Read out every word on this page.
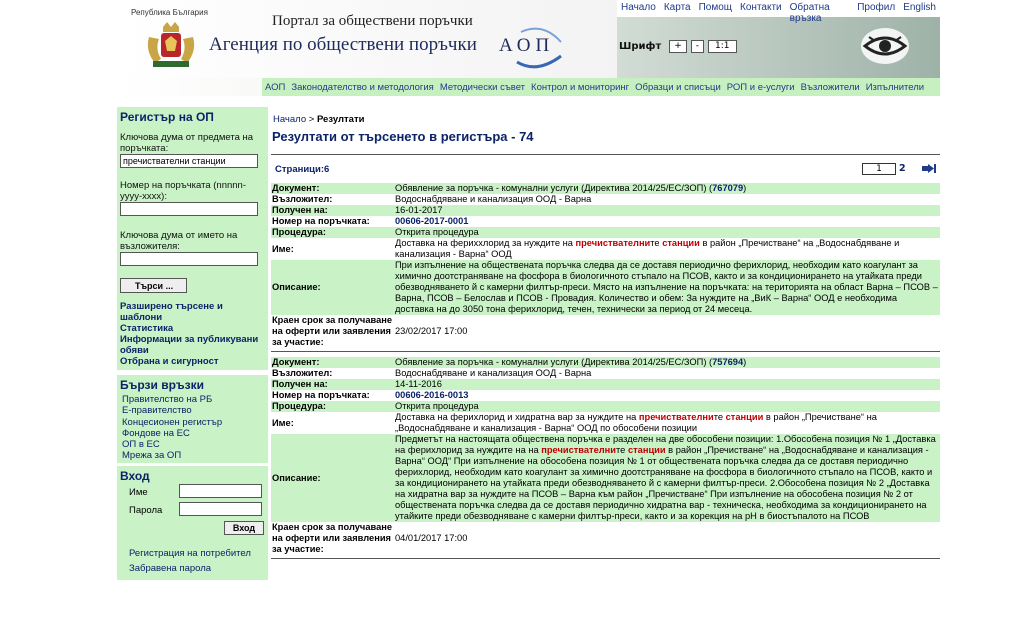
Република България
Портал за обществени поръчки
Агенция по обществени поръчки АОП
Начало Карта Помощ Контакти Обратна връзка
Профил English
Шрифт	+	-	1:1
АОП Законодателство и методология Методически съвет Контрол и мониторинг Образци и списъци РОП и е-услуги Възложители Изпълнители
Регистър на ОП
Ключова дума от предмета на поръчката:
пречиствателни станции
Номер на поръчката (nnnnn-yyyy-xxxx):
Ключова дума от името на възложителя:
Търси ...
Разширено търсене и шаблони
Статистика
Информации за публикувани обяви
Отбрана и сигурност
Бързи връзки
Правителство на РБ
Е-правителство
Концесионен регистър
Фондове на ЕС
ОП в ЕС
Мрежа за ОП
Вход
Име
Парола
Вход
Регистрация на потребител
Забравена парола
Начало > Резултати
Резултати от търсенето в регистъра - 74
Страници:6	1	2
Документ:	Обявление за поръчка - комунални услуги (Директива 2014/25/ЕС/ЗОП) (767079)
Възложител:	Водоснабдяване и канализация ООД - Варна
Получен на:	16-01-2017
Номер на поръчката:	00606-2017-0001
Процедура:	Открита процедура
Име:
Доставка на фериххлорид за нуждите на пречиствателните станции в район „Пречистване“ на „Водоснабдяване и канализация - Варна“ ООД
Описание:
При изпълнение на обществената поръчка следва да се доставя периодично ферихлорид, необходим като коагулант за химично доотстраняване на фосфора в биологичното стъпало на ПСОВ, както и за кондиционирането на утайката преди обезводняването й с камерни филтър-преси. Място на изпълнение на поръчката: на територията на област Варна – ПСОВ – Варна, ПСОВ – Белослав и ПСОВ - Провадия. Количество и обем: За нуждите на „ВиК – Варна“ ООД е необходима доставка на до 3050 тона ферихлорид, течен, технически за период от 24 месеца.
Краен срок за получаване на оферти или заявления за участие:
23/02/2017 17:00
Документ:	Обявление за поръчка - комунални услуги (Директива 2014/25/ЕС/ЗОП) (757694)
Възложител:	Водоснабдяване и канализация ООД - Варна
Получен на:	14-11-2016
Номер на поръчката:	00606-2016-0013
Процедура:	Открита процедура
Име:
Доставка на ферихлорид и хидратна вар за нуждите на пречиствателните станции в район „Пречистване“ на „Водоснабдяване и канализация - Варна“ ООД по обособени позиции
Описание:
Предметът на настоящата обществена поръчка е разделен на две обособени позиции: 1.Обособена позиция № 1 „Доставка на ферихлорид за нуждите на на пречиствателните станции в район „Пречистване“ на „Водоснабдяване и канализация - Варна“ ООД“ При изпълнение на обособена позиция № 1 от обществената поръчка следва да се доставя периодично ферихлорид, необходим като коагулант за химично доотстраняване на фосфора в биологичното стъпало на ПСОВ, както и за кондиционирането на утайката преди обезводняването й с камерни филтър-преси. 2.Обособена позиция № 2 „Доставка на хидратна вар за нуждите на ПСОВ – Варна към район „Пречистване“ При изпълнение на обособена позиция № 2 от обществената поръчка следва да се доставя периодично хидратна вар - техническа, необходима за кондиционирането на утайките преди обезводняване с камерни филтър-преси, както и за корекция на pH в биостъпалото на ПСОВ
Краен срок за получаване на оферти или заявления за участие:
04/01/2017 17:00
